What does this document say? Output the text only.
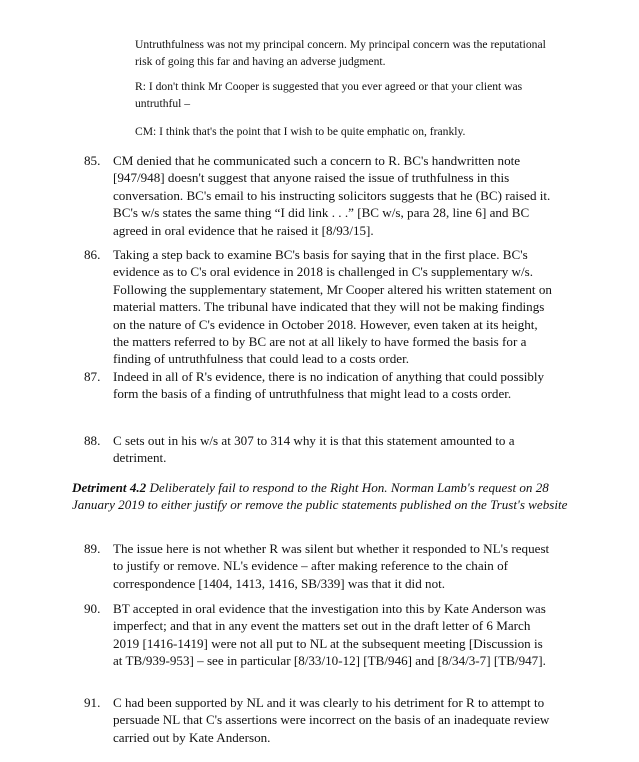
Untruthfulness was not my principal concern. My principal concern was the reputational risk of going this far and having an adverse judgment.
R: I don't think Mr Cooper is suggested that you ever agreed or that your client was untruthful –
CM: I think that's the point that I wish to be quite emphatic on, frankly.
85. CM denied that he communicated such a concern to R. BC's handwritten note [947/948] doesn't suggest that anyone raised the issue of truthfulness in this conversation. BC's email to his instructing solicitors suggests that he (BC) raised it. BC's w/s states the same thing “I did link . . .” [BC w/s, para 28, line 6] and BC agreed in oral evidence that he raised it [8/93/15].
86. Taking a step back to examine BC's basis for saying that in the first place. BC's evidence as to C's oral evidence in 2018 is challenged in C's supplementary w/s. Following the supplementary statement, Mr Cooper altered his written statement on material matters. The tribunal have indicated that they will not be making findings on the nature of C's evidence in October 2018. However, even taken at its height, the matters referred to by BC are not at all likely to have formed the basis for a finding of untruthfulness that could lead to a costs order.
87. Indeed in all of R's evidence, there is no indication of anything that could possibly form the basis of a finding of untruthfulness that might lead to a costs order.
88. C sets out in his w/s at 307 to 314 why it is that this statement amounted to a detriment.
Detriment 4.2 Deliberately fail to respond to the Right Hon. Norman Lamb's request on 28 January 2019 to either justify or remove the public statements published on the Trust's website
89. The issue here is not whether R was silent but whether it responded to NL's request to justify or remove. NL's evidence – after making reference to the chain of correspondence [1404, 1413, 1416, SB/339] was that it did not.
90. BT accepted in oral evidence that the investigation into this by Kate Anderson was imperfect; and that in any event the matters set out in the draft letter of 6 March 2019 [1416-1419] were not all put to NL at the subsequent meeting [Discussion is at TB/939-953] – see in particular [8/33/10-12] [TB/946] and [8/34/3-7] [TB/947].
91. C had been supported by NL and it was clearly to his detriment for R to attempt to persuade NL that C's assertions were incorrect on the basis of an inadequate review carried out by Kate Anderson.
